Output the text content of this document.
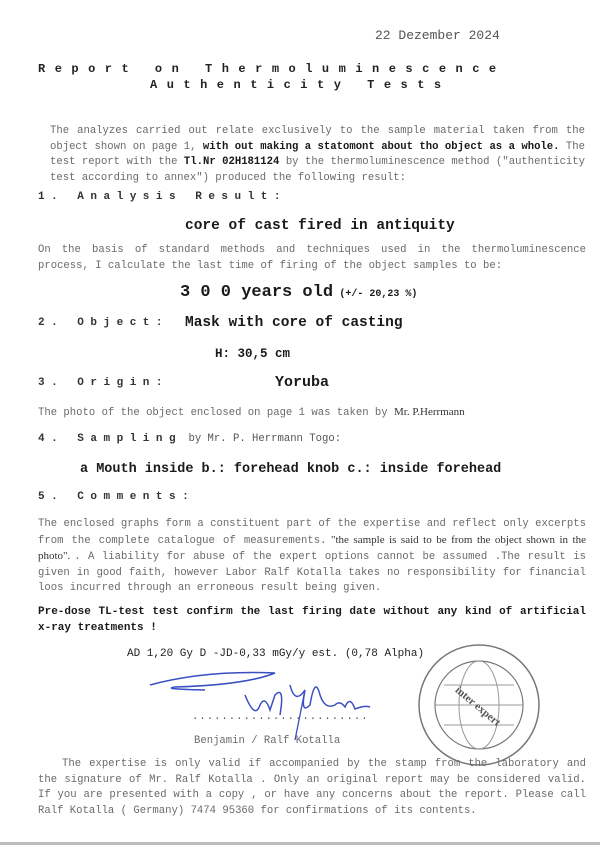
22 Dezember 2024
Report on Thermoluminescence
Authenticity Tests
The analyzes carried out relate exclusively to the sample material taken from the object shown on page 1, with out making a statomont about tho object as a whole. The test report with the Tl.Nr 02H181124 by the thermoluminescence method ("authenticity test according to annex") produced the following result:
1. Analysis Result:
core of cast fired in antiquity
On the basis of standard methods and techniques used in the thermoluminescence process, I calculate the last time of firing of the object samples to be:
3 0 0 years old (+/- 20,23 %)
2. Object: Mask with core of casting
H: 30,5 cm
3. Origin:	Yoruba
The photo of the object enclosed on page 1 was taken by Mr. P.Herrmann
4. Sampling by Mr. P. Herrmann Togo:
a Mouth inside b.: forehead knob c.: inside forehead
5. Comments:
The enclosed graphs form a constituent part of the expertise and reflect only excerpts from the complete catalogue of measurements. "the sample is said to be from the object shown in the photo". . A liability for abuse of the expert options cannot be assumed .The result is given in good faith, however Labor Ralf Kotalla takes no responsibility for financial loos incurred through an erroneous result being given.
Pre-dose TL-test test confirm the last firing date without any kind of artificial x-ray treatments !
AD 1,20 Gy D -JD-0,33 mGy/y est. (0,78 Alpha)
........................
Benjamin / Ralf Kotalla
inter expert
The expertise is only valid if accompanied by the stamp from the laboratory and the signature of Mr. Ralf Kotalla . Only an original report may be considered valid. If you are presented with a copy , or have any concerns about the report. Please call Ralf Kotalla ( Germany) 7474 95360 for confirmations of its contents.
